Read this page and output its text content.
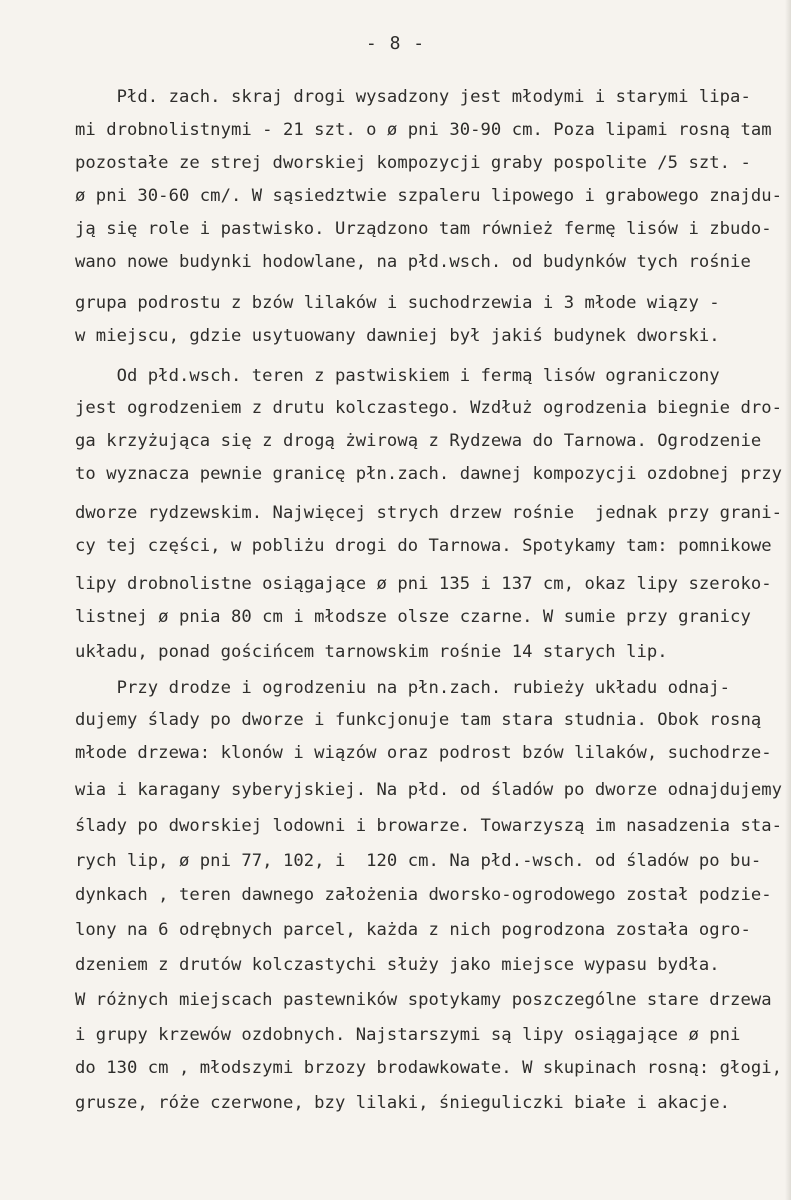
- 8 -
Płd. zach. skraj drogi wysadzony jest młodymi i starymi lipa-
mi drobnolistnymi - 21 szt. o ø pni 30-90 cm. Poza lipami rosną tam
pozostałe ze strej dworskiej kompozycji graby pospolite /5 szt. -
ø pni 30-60 cm/. W sąsiedztwie szpaleru lipowego i grabowego znajdu-
ją się role i pastwisko. Urządzono tam również fermę lisów i zbudo-
wano nowe budynki hodowlane, na płd.wsch. od budynków tych rośnie
grupa podrostu z bzów lilaków i suchodrzewia i 3 młode wiązy -
w miejscu, gdzie usytuowany dawniej był jakiś budynek dworski.
Od płd.wsch. teren z pastwiskiem i fermą lisów ograniczony
jest ogrodzeniem z drutu kolczastego. Wzdłuż ogrodzenia biegnie dro-
ga krzyżująca się z drogą żwirową z Rydzewa do Tarnowa. Ogrodzenie
to wyznacza pewnie granicę płn.zach. dawnej kompozycji ozdobnej przy
dworze rydzewskim. Najwięcej strych drzew rośnie  jednak przy grani-
cy tej części, w pobliżu drogi do Tarnowa. Spotykamy tam: pomnikowe
lipy drobnolistne osiągające ø pni 135 i 137 cm, okaz lipy szeroko-
listnej ø pnia 80 cm i młodsze olsze czarne. W sumie przy granicy
układu, ponad gościńcem tarnowskim rośnie 14 starych lip.
Przy drodze i ogrodzeniu na płn.zach. rubieży układu odnaj-
dujemy ślady po dworze i funkcjonuje tam stara studnia. Obok rosną
młode drzewa: klonów i wiązów oraz podrost bzów lilaków, suchodrze-
wia i karagany syberyjskiej. Na płd. od śladów po dworze odnajdujemy
ślady po dworskiej lodowni i browarze. Towarzyszą im nasadzenia sta-
rych lip, ø pni 77, 102, i  120 cm. Na płd.-wsch. od śladów po bu-
dynkach , teren dawnego założenia dworsko-ogrodowego został podzie-
lony na 6 odrębnych parcel, każda z nich pogrodzona została ogro-
dzeniem z drutów kolczastychi służy jako miejsce wypasu bydła.
W różnych miejscach pastewników spotykamy poszczególne stare drzewa
i grupy krzewów ozdobnych. Najstarszymi są lipy osiągające ø pni
do 130 cm , młodszymi brzozy brodawkowate. W skupinach rosną: głogi,
grusze, róże czerwone, bzy lilaki, śnieguliczki białe i akacje.
